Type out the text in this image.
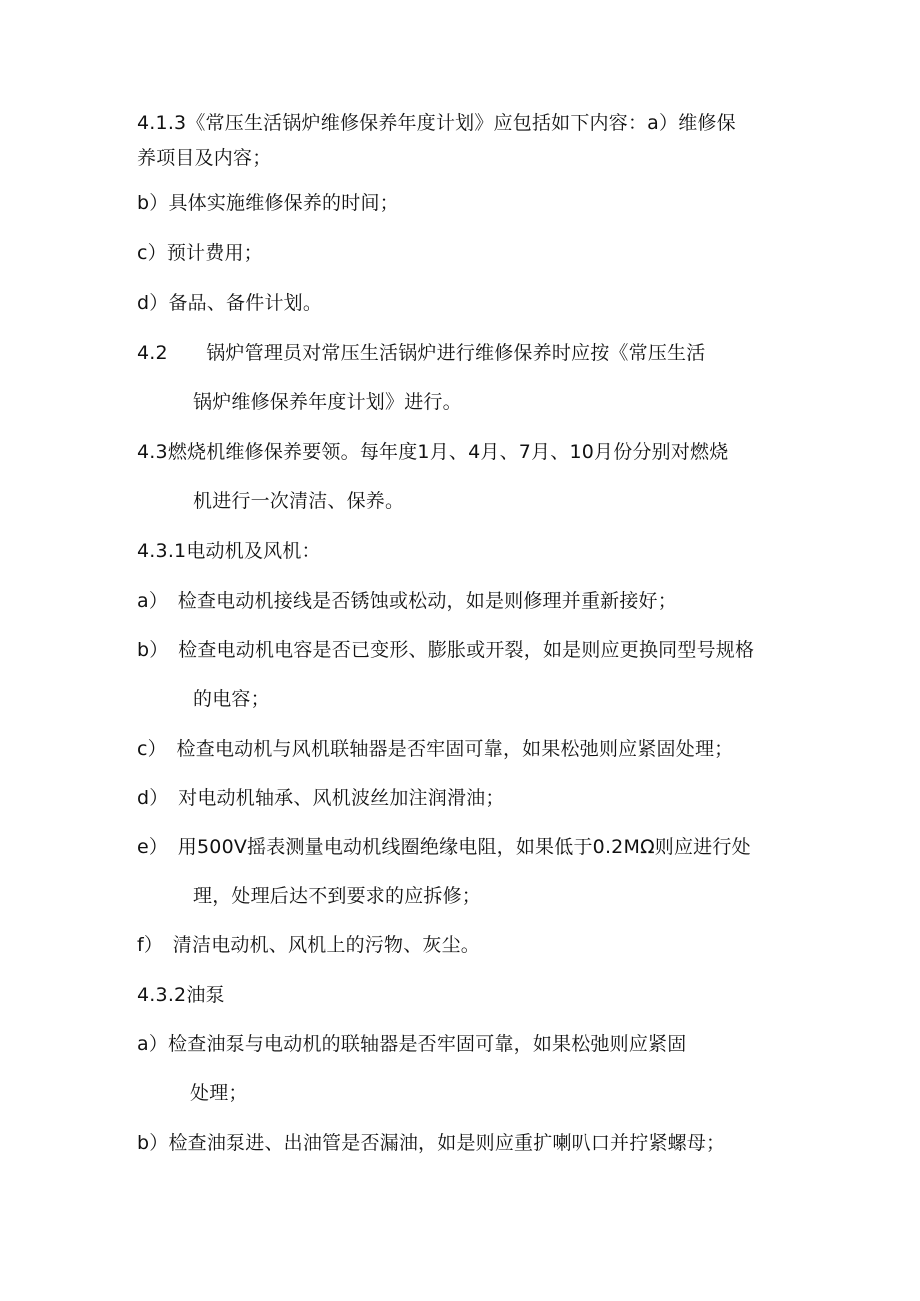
4.1.3《常压生活锅炉维修保养年度计划》应包括如下内容：a）维修保
养项目及内容；
b）具体实施维修保养的时间；
c）预计费用；
d）备品、备件计划。
4.2　　锅炉管理员对常压生活锅炉进行维修保养时应按《常压生活
锅炉维修保养年度计划》进行。
4.3燃烧机维修保养要领。每年度1月、4月、7月、10月份分别对燃烧
机进行一次清洁、保养。
4.3.1电动机及风机：
a）　检查电动机接线是否锈蚀或松动，如是则修理并重新接好；
b）　检查电动机电容是否已变形、膨胀或开裂，如是则应更换同型号规格
的电容；
c）　检查电动机与风机联轴器是否牢固可靠，如果松弛则应紧固处理；
d）　对电动机轴承、风机波丝加注润滑油；
e）　用500V摇表测量电动机线圈绝缘电阻，如果低于0.2MΩ则应进行处
理，处理后达不到要求的应拆修；
f）　清洁电动机、风机上的污物、灰尘。
4.3.2油泵
a）检查油泵与电动机的联轴器是否牢固可靠，如果松弛则应紧固
处理；
b）检查油泵进、出油管是否漏油，如是则应重扩喇叭口并拧紧螺母；
